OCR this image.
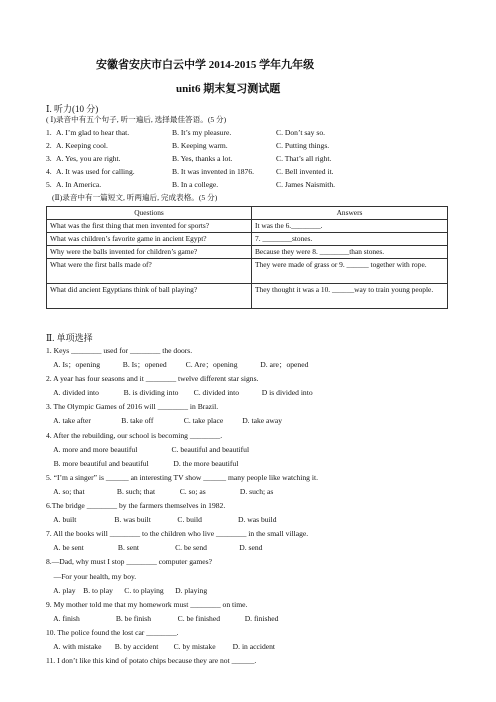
安徽省安庆市白云中学 2014-2015 学年九年级
unit6 期末复习测试题
Ⅰ. 听力(10 分)
( Ⅰ)录音中有五个句子, 听一遍后, 选择最佳答语。(5 分)
1. A. I’m glad to hear that.	B. It’s my pleasure.	C. Don’t say so.
2. A. Keeping cool.	B. Keeping warm.	C. Putting things.
3. A. Yes, you are right.	B. Yes, thanks a lot.	C. That’s all right.
4. A. It was used for calling.	B. It was invented in 1876.	C. Bell invented it.
5. A. In America.	B. In a college.	C. James Naismith.
(Ⅱ)录音中有一篇短文, 听两遍后, 完成表格。(5 分)
Questions	Answers
What was the first thing that men invented for sports?	It was the 6.________.
What was children’s favorite game in ancient Egypt?	7. ________stones.
Why were the balls invented for children’s game?	Because they were 8. ________than stones.
What were the first balls made of?	They were made of grass or 9. ______ together with rope.
What did ancient Egyptians think of ball playing?	They thought it was a 10. ______way to train young people.
Ⅱ. 单项选择
1. Keys ________ used for ________ the doors.
A. Is；opening            B. Is；opened          C. Are；opening            D. are；opened
2. A year has four seasons and it ________ twelve different star signs.
A. divided into             B. is dividing into        C. divided into            D is divided into
3. The Olympic Games of 2016 will ________ in Brazil.
A. take after                B. take off                C. take place          D. take away
4. After the rebuilding, our school is becoming ________.
A. more and more beautiful                  C. beautiful and beautiful
B. more beautiful and beautiful             D. the more beautiful
5. “I’m a singer” is ______ an interesting TV show ______ many people like watching it.
A. so; that                 B. such; that             C. so; as                  D. such; as
6.The bridge ________ by the farmers themselves in 1982.
A. built                    B. was built              C. build                   D. was build
7. All the books will ________ to the children who live ________ in the small village.
A. be sent                  B. sent                   C. be send                 D. send
8.—Dad, why must I stop ________ computer games?
—For your health, my boy.
A. play    B. to play      C. to playing      D. playing
9. My mother told me that my homework must ________ on time.
A. finish                   B. be finish              C. be finished             D. finished
10. The police found the lost car ________.
A. with mistake       B. by accident        C. by mistake         D. in accident
11. I don’t like this kind of potato chips because they are not ______.
